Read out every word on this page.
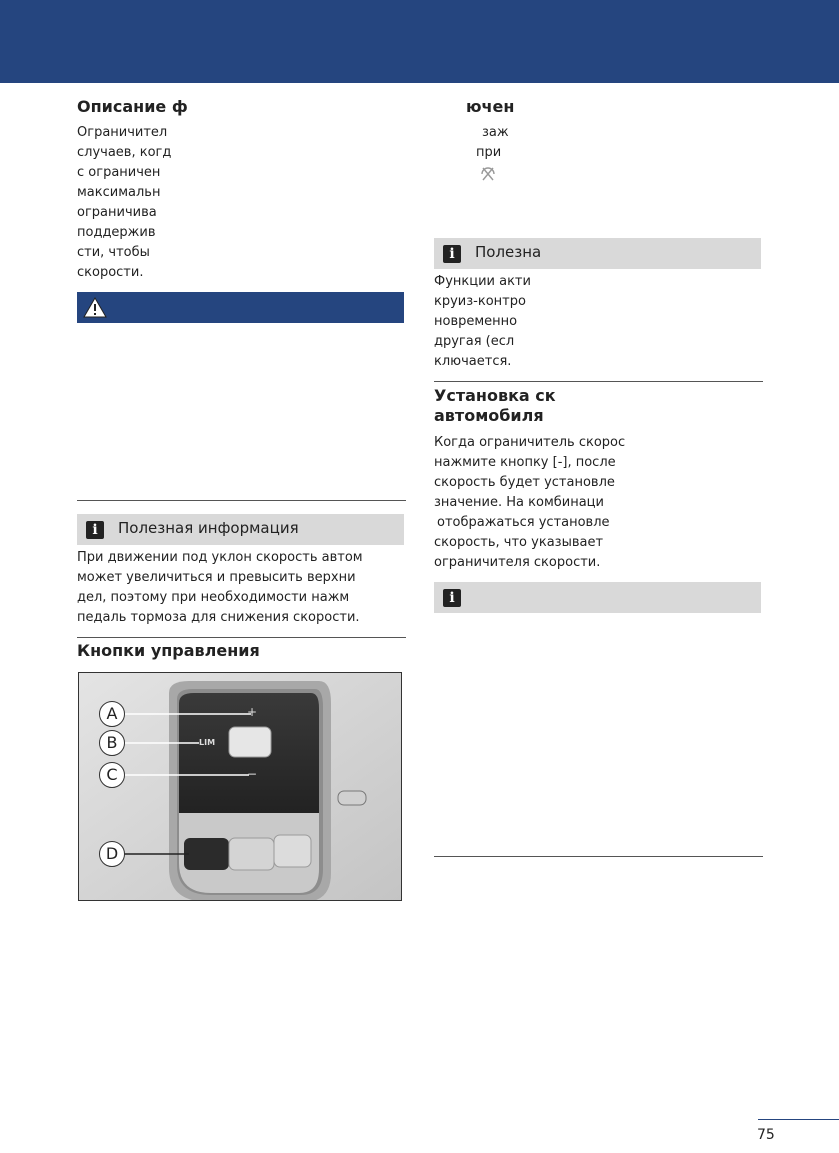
Описание ф
Ограничител
случаев, когд
с ограничен
максимальн
ограничива
поддержив
сти, чтобы
скорости.
i	Полезная информация
При движении под уклон скорость автом
может увеличиться и превысить верхни
дел, поэтому при необходимости нажм
педаль тормоза для снижения скорости.
Кнопки управления
A
B
C
D
+
LIM
−
ючен
заж
при
i	Полезна
Функции акти
круиз-контро
новременно
другая (есл
ключается.
Установка ск
автомобиля
Когда ограничитель скорос
нажмите кнопку [-], после
скорость будет установле
значение. На комбинаци
отображаться установле
скорость, что указывает
ограничителя скорости.
i
75
